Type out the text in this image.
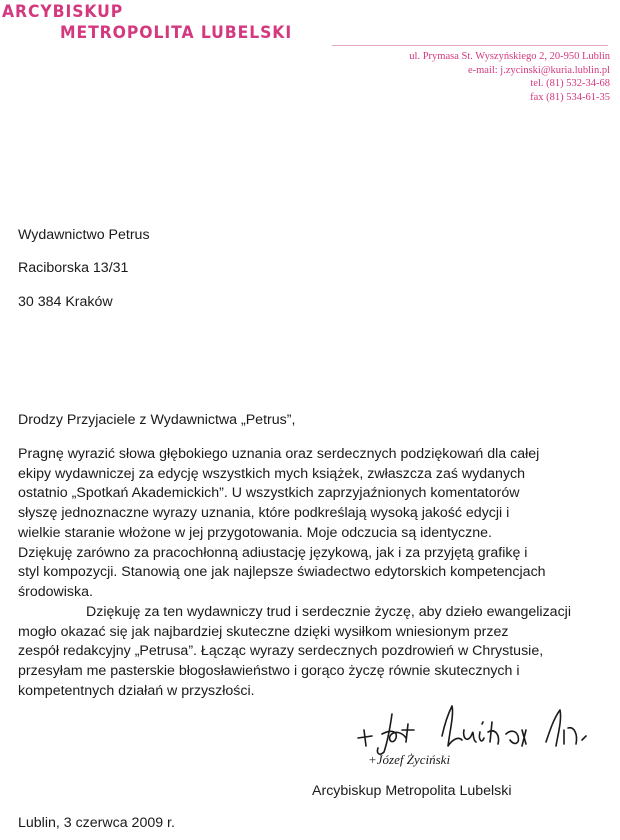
ARCYBISKUP
METROPOLITA LUBELSKI
ul. Prymasa St. Wyszyńskiego 2, 20-950 Lublin
e-mail: j.zycinski@kuria.lublin.pl
tel. (81) 532-34-68
fax (81) 534-61-35
Wydawnictwo Petrus
Raciborska 13/31
30 384 Kraków
Drodzy Przyjaciele z Wydawnictwa „Petrus”,
Pragnę wyrazić słowa głębokiego uznania oraz serdecznych podziękowań dla całej
ekipy wydawniczej za edycję wszystkich mych książek, zwłaszcza zaś wydanych
ostatnio „Spotkań Akademickich”. U wszystkich zaprzyjaźnionych komentatorów
słyszę jednoznaczne wyrazy uznania, które podkreślają wysoką jakość edycji i
wielkie staranie włożone w jej przygotowania. Moje odczucia są identyczne.
Dziękuję zarówno za pracochłonną adiustację językową, jak i za przyjętą grafikę i
styl kompozycji. Stanowią one jak najlepsze świadectwo edytorskich kompetencjach
środowiska.
Dziękuję za ten wydawniczy trud i serdecznie życzę, aby dzieło ewangelizacji
mogło okazać się jak najbardziej skuteczne dzięki wysiłkom wniesionym przez
zespół redakcyjny „Petrusa”. Łącząc wyrazy serdecznych pozdrowień w Chrystusie,
przesyłam me pasterskie błogosławieństwo i gorąco życzę równie skutecznych i
kompetentnych działań w przyszłości.
+Józef Życiński
Arcybiskup Metropolita Lubelski
Lublin, 3 czerwca 2009 r.
